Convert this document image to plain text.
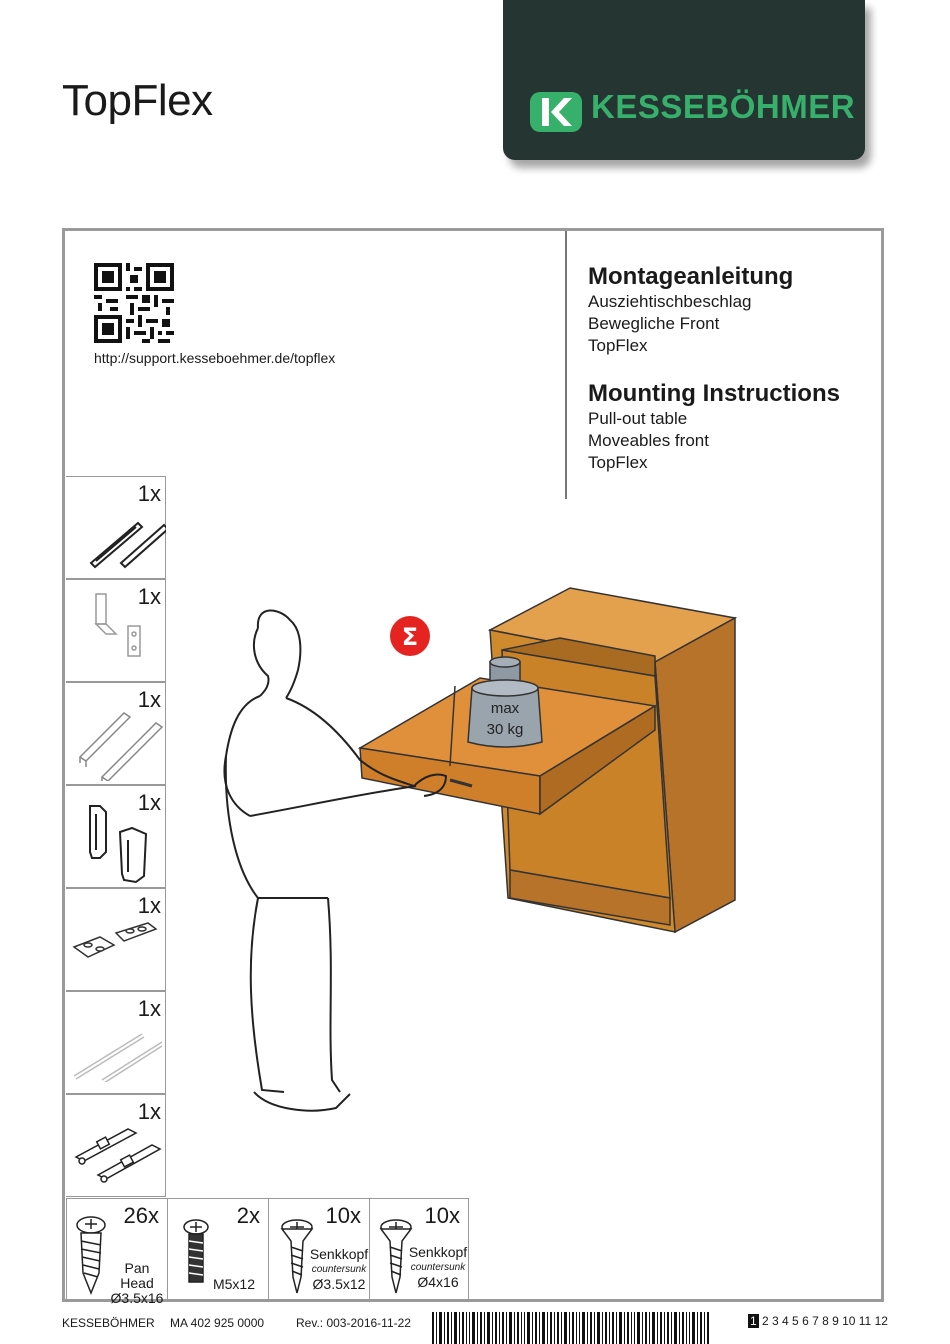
TopFlex	KESSEBÖHMER
http://support.kesseboehmer.de/topflex
Montageanleitung
Ausziehtischbeschlag
Bewegliche Front
TopFlex
Mounting Instructions
Pull-out table
Moveables front
TopFlex
1x
1x
1x
1x
1x
1x
1x
26x
Pan Head
Ø3.5x16
2x
M5x12
10x
Senkkopf
countersunk
Ø3.5x12
10x
Senkkopf
countersunk
Ø4x16
max
30 kg
Σ
KESSEBÖHMER MA 402 925 0000	Rev.: 003-2016-11-22	1 2 3 4 5 6 7 8 9 10 11 12
